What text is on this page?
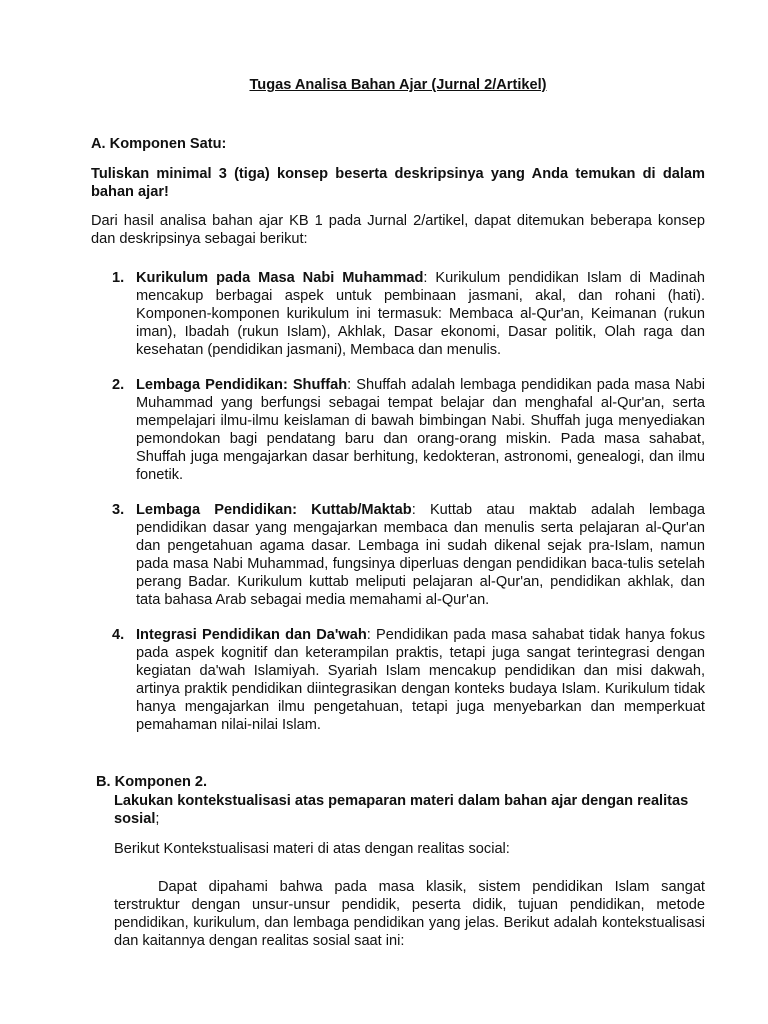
Tugas Analisa Bahan Ajar (Jurnal 2/Artikel)
A. Komponen Satu:
Tuliskan minimal 3 (tiga) konsep beserta deskripsinya yang Anda temukan di dalam bahan ajar!
Dari hasil analisa bahan ajar KB 1 pada Jurnal 2/artikel, dapat ditemukan beberapa konsep dan deskripsinya sebagai berikut:
1. Kurikulum pada Masa Nabi Muhammad: Kurikulum pendidikan Islam di Madinah mencakup berbagai aspek untuk pembinaan jasmani, akal, dan rohani (hati). Komponen-komponen kurikulum ini termasuk: Membaca al-Qur'an, Keimanan (rukun iman), Ibadah (rukun Islam), Akhlak, Dasar ekonomi, Dasar politik, Olah raga dan kesehatan (pendidikan jasmani), Membaca dan menulis.
2. Lembaga Pendidikan: Shuffah: Shuffah adalah lembaga pendidikan pada masa Nabi Muhammad yang berfungsi sebagai tempat belajar dan menghafal al-Qur'an, serta mempelajari ilmu-ilmu keislaman di bawah bimbingan Nabi. Shuffah juga menyediakan pemondokan bagi pendatang baru dan orang-orang miskin. Pada masa sahabat, Shuffah juga mengajarkan dasar berhitung, kedokteran, astronomi, genealogi, dan ilmu fonetik.
3. Lembaga Pendidikan: Kuttab/Maktab: Kuttab atau maktab adalah lembaga pendidikan dasar yang mengajarkan membaca dan menulis serta pelajaran al-Qur'an dan pengetahuan agama dasar. Lembaga ini sudah dikenal sejak pra-Islam, namun pada masa Nabi Muhammad, fungsinya diperluas dengan pendidikan baca-tulis setelah perang Badar. Kurikulum kuttab meliputi pelajaran al-Qur'an, pendidikan akhlak, dan tata bahasa Arab sebagai media memahami al-Qur'an.
4. Integrasi Pendidikan dan Da'wah: Pendidikan pada masa sahabat tidak hanya fokus pada aspek kognitif dan keterampilan praktis, tetapi juga sangat terintegrasi dengan kegiatan da'wah Islamiyah. Syariah Islam mencakup pendidikan dan misi dakwah, artinya praktik pendidikan diintegrasikan dengan konteks budaya Islam. Kurikulum tidak hanya mengajarkan ilmu pengetahuan, tetapi juga menyebarkan dan memperkuat pemahaman nilai-nilai Islam.
B. Komponen 2.
Lakukan kontekstualisasi atas pemaparan materi dalam bahan ajar dengan realitas sosial;
Berikut Kontekstualisasi materi di atas dengan realitas social:
Dapat dipahami bahwa pada masa klasik, sistem pendidikan Islam sangat terstruktur dengan unsur-unsur pendidik, peserta didik, tujuan pendidikan, metode pendidikan, kurikulum, dan lembaga pendidikan yang jelas. Berikut adalah kontekstualisasi dan kaitannya dengan realitas sosial saat ini:
